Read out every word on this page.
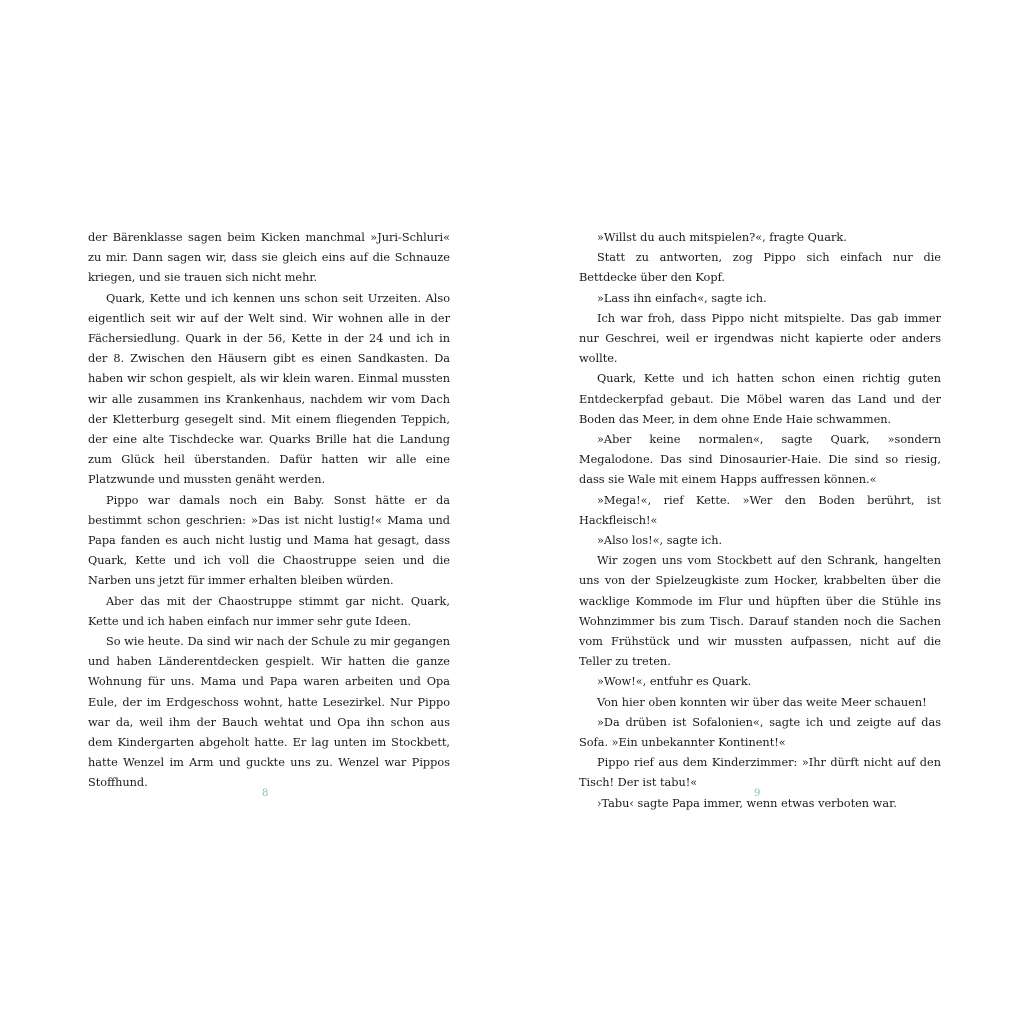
der Bärenklasse sagen beim Kicken manchmal »Juri-Schluri« zu mir. Dann sagen wir, dass sie gleich eins auf die Schnauze kriegen, und sie trauen sich nicht mehr.

Quark, Kette und ich kennen uns schon seit Urzeiten. Also eigentlich seit wir auf der Welt sind. Wir wohnen alle in der Fächersiedlung. Quark in der 56, Kette in der 24 und ich in der 8. Zwischen den Häusern gibt es einen Sandkasten. Da haben wir schon gespielt, als wir klein waren. Einmal mussten wir alle zusammen ins Krankenhaus, nachdem wir vom Dach der Kletterburg gesegelt sind. Mit einem fliegenden Teppich, der eine alte Tischdecke war. Quarks Brille hat die Landung zum Glück heil überstanden. Dafür hatten wir alle eine Platzwunde und mussten genäht werden.

Pippo war damals noch ein Baby. Sonst hätte er da bestimmt schon geschrien: »Das ist nicht lustig!« Mama und Papa fanden es auch nicht lustig und Mama hat gesagt, dass Quark, Kette und ich voll die Chaostruppe seien und die Narben uns jetzt für immer erhalten bleiben würden.

Aber das mit der Chaostruppe stimmt gar nicht. Quark, Kette und ich haben einfach nur immer sehr gute Ideen.

So wie heute. Da sind wir nach der Schule zu mir gegangen und haben Länderentdecken gespielt. Wir hatten die ganze Wohnung für uns. Mama und Papa waren arbeiten und Opa Eule, der im Erdgeschoss wohnt, hatte Lesezirkel. Nur Pippo war da, weil ihm der Bauch wehtat und Opa ihn schon aus dem Kindergarten abgeholt hatte. Er lag unten im Stockbett, hatte Wenzel im Arm und guckte uns zu. Wenzel war Pippos Stoffhund.

8

»Willst du auch mitspielen?«, fragte Quark.

Statt zu antworten, zog Pippo sich einfach nur die Bettdecke über den Kopf.

»Lass ihn einfach«, sagte ich.

Ich war froh, dass Pippo nicht mitspielte. Das gab immer nur Geschrei, weil er irgendwas nicht kapierte oder anders wollte.

Quark, Kette und ich hatten schon einen richtig guten Entdeckerpfad gebaut. Die Möbel waren das Land und der Boden das Meer, in dem ohne Ende Haie schwammen.

»Aber keine normalen«, sagte Quark, »sondern Megalodone. Das sind Dinosaurier-Haie. Die sind so riesig, dass sie Wale mit einem Happs auffressen können.«

»Mega!«, rief Kette. »Wer den Boden berührt, ist Hackfleisch!«

»Also los!«, sagte ich.

Wir zogen uns vom Stockbett auf den Schrank, hangelten uns von der Spielzeugkiste zum Hocker, krabbelten über die wacklige Kommode im Flur und hüpften über die Stühle ins Wohnzimmer bis zum Tisch. Darauf standen noch die Sachen vom Frühstück und wir mussten aufpassen, nicht auf die Teller zu treten.

»Wow!«, entfuhr es Quark.

Von hier oben konnten wir über das weite Meer schauen!

»Da drüben ist Sofalonien«, sagte ich und zeigte auf das Sofa. »Ein unbekannter Kontinent!«

Pippo rief aus dem Kinderzimmer: »Ihr dürft nicht auf den Tisch! Der ist tabu!«

›Tabu‹ sagte Papa immer, wenn etwas verboten war.

9
